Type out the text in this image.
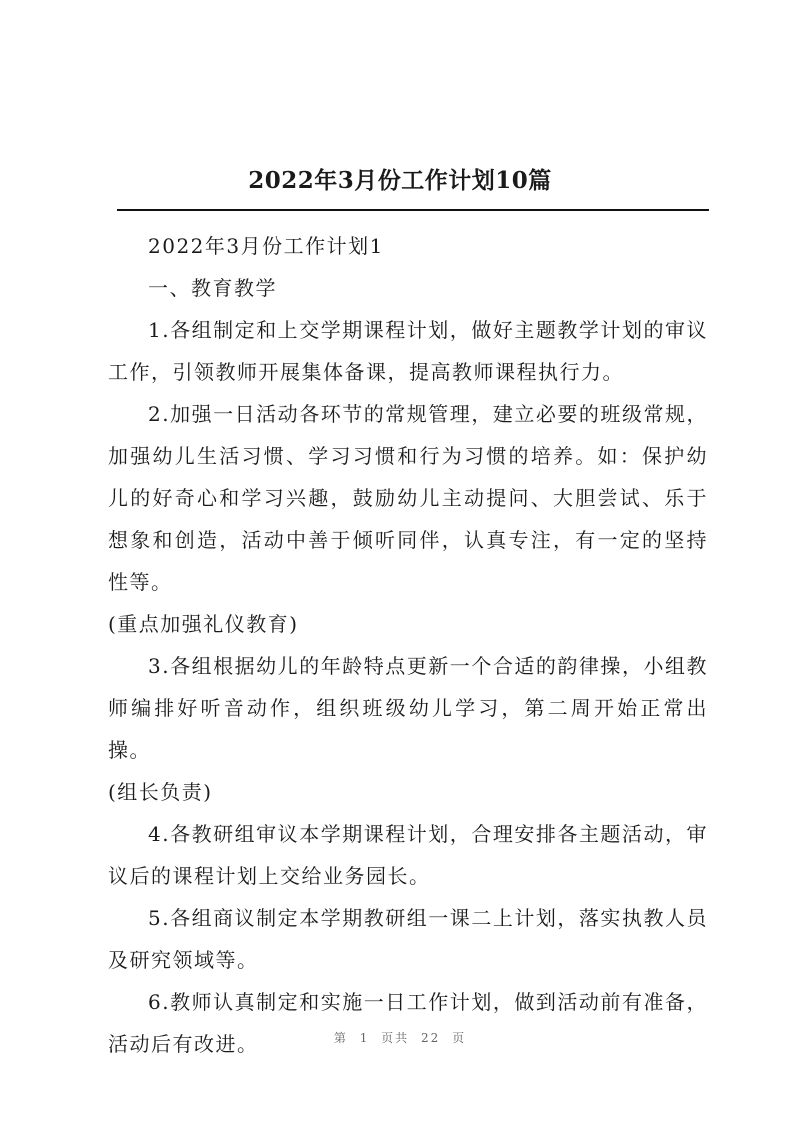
2022年3月份工作计划10篇

2022年3月份工作计划1

一、教育教学

1.各组制定和上交学期课程计划，做好主题教学计划的审议工作，引领教师开展集体备课，提高教师课程执行力。

2.加强一日活动各环节的常规管理，建立必要的班级常规，加强幼儿生活习惯、学习习惯和行为习惯的培养。如：保护幼儿的好奇心和学习兴趣，鼓励幼儿主动提问、大胆尝试、乐于想象和创造，活动中善于倾听同伴，认真专注，有一定的坚持性等。

(重点加强礼仪教育)

3.各组根据幼儿的年龄特点更新一个合适的韵律操，小组教师编排好听音动作，组织班级幼儿学习，第二周开始正常出操。

(组长负责)

4.各教研组审议本学期课程计划，合理安排各主题活动，审议后的课程计划上交给业务园长。

5.各组商议制定本学期教研组一课二上计划，落实执教人员及研究领域等。

6.教师认真制定和实施一日工作计划，做到活动前有准备，活动后有改进。	第 1 页共 22 页
